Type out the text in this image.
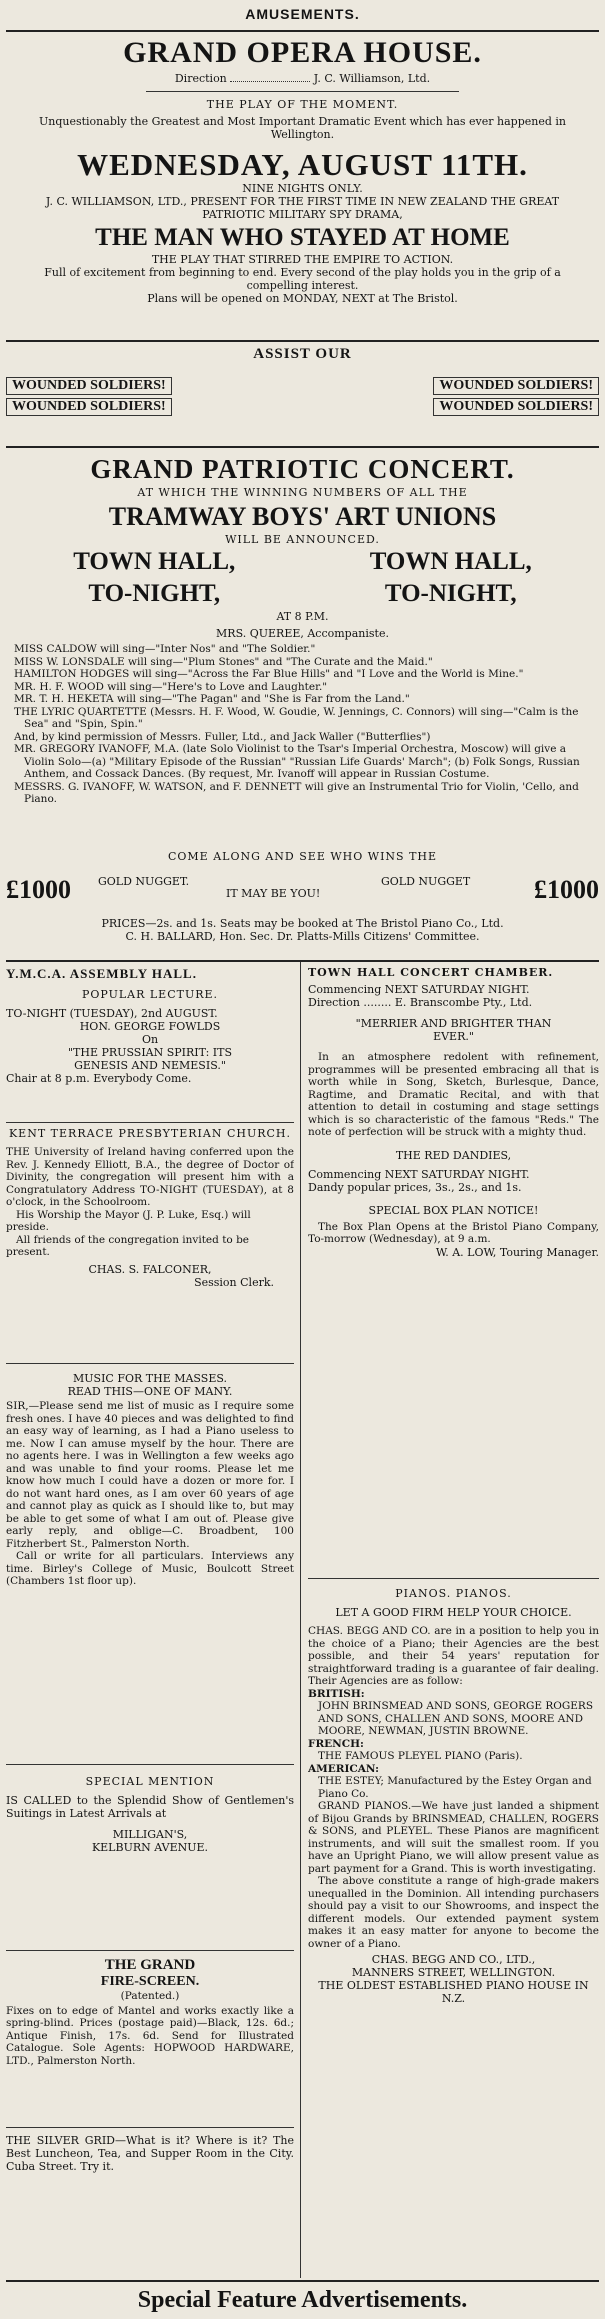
AMUSEMENTS.
GRAND OPERA HOUSE.
Direction	J. C. Williamson, Ltd.
THE PLAY OF THE MOMENT.
Unquestionably the Greatest and Most Important Dramatic Event which has ever happened in Wellington.
WEDNESDAY, AUGUST 11TH.
NINE NIGHTS ONLY.
J. C. WILLIAMSON, LTD., PRESENT FOR THE FIRST TIME IN NEW ZEALAND THE GREAT PATRIOTIC MILITARY SPY DRAMA,
THE MAN WHO STAYED AT HOME
THE PLAY THAT STIRRED THE EMPIRE TO ACTION.
Full of excitement from beginning to end. Every second of the play holds you in the grip of a compelling interest.
Plans will be opened on MONDAY, NEXT at The Bristol.
ASSIST OUR
WOUNDED SOLDIERS! WOUNDED SOLDIERS!
WOUNDED SOLDIERS! WOUNDED SOLDIERS!
GRAND PATRIOTIC CONCERT.
AT WHICH THE WINNING NUMBERS OF ALL THE
TRAMWAY BOYS' ART UNIONS
WILL BE ANNOUNCED.
TOWN HALL,	TOWN HALL,
TO-NIGHT,	TO-NIGHT,
AT 8 P.M.
MRS. QUEREE, Accompaniste.

MISS CALDOW will sing—"Inter Nos" and "The Soldier."

MISS W. LONSDALE will sing—"Plum Stones" and "The Curate and the Maid."

HAMILTON HODGES will sing—"Across the Far Blue Hills" and "I Love and the World is Mine."

MR. H. F. WOOD will sing—"Here's to Love and Laughter."

MR. T. H. HEKETA will sing—"The Pagan" and "She is Far from the Land."

THE LYRIC QUARTETTE (Messrs. H. F. Wood, W. Goudie, W. Jennings, C. Connors) will sing—"Calm is the Sea" and "Spin, Spin."

And, by kind permission of Messrs. Fuller, Ltd., and Jack Waller ("Butterflies")

MR. GREGORY IVANOFF, M.A. (late Solo Violinist to the Tsar's Imperial Orchestra, Moscow) will give a Violin Solo—(a) "Military Episode of the Russian" "Russian Life Guards' March"; (b) Folk Songs, Russian Anthem, and Cossack Dances. (By request, Mr. Ivanoff will appear in Russian Costume.

MESSRS. G. IVANOFF, W. WATSON, and F. DENNETT will give an Instrumental Trio for Violin, 'Cello, and Piano.

COME ALONG AND SEE WHO WINS THE
£1000 GOLD NUGGET.
IT MAY BE YOU!
GOLD NUGGET £1000
PRICES—2s. and 1s. Seats may be booked at The Bristol Piano Co., Ltd.
C. H. BALLARD, Hon. Sec. Dr. Platts-Mills Citizens' Committee.
Y.M.C.A. ASSEMBLY HALL.
POPULAR LECTURE.
TO-NIGHT (TUESDAY), 2nd AUGUST.
HON. GEORGE FOWLDS
On
"THE PRUSSIAN SPIRIT: ITS
GENESIS AND NEMESIS."
Chair at 8 p.m. Everybody Come.
KENT TERRACE PRESBYTERIAN CHURCH.
THE University of Ireland having conferred upon the Rev. J. Kennedy Elliott, B.A., the degree of Doctor of Divinity, the congregation will present him with a Congratulatory Address TO-NIGHT (TUESDAY), at 8 o'clock, in the Schoolroom.
His Worship the Mayor (J. P. Luke, Esq.) will preside.
All friends of the congregation invited to be present.
CHAS. S. FALCONER,
Session Clerk.
MUSIC FOR THE MASSES.
READ THIS—ONE OF MANY.
SIR,—Please send me list of music as I require some fresh ones. I have 40 pieces and was delighted to find an easy way of learning, as I had a Piano useless to me. Now I can amuse myself by the hour. There are no agents here. I was in Wellington a few weeks ago and was unable to find your rooms. Please let me know how much I could have a dozen or more for. I do not want hard ones, as I am over 60 years of age and cannot play as quick as I should like to, but may be able to get some of what I am out of. Please give early reply, and oblige—C. Broadbent, 100 Fitzherbert St., Palmerston North.
Call or write for all particulars. Interviews any time. Birley's College of Music, Boulcott Street (Chambers 1st floor up).
SPECIAL MENTION
IS CALLED to the Splendid Show of Gentlemen's Suitings in Latest Arrivals at
MILLIGAN'S,
KELBURN AVENUE.
THE GRAND
FIRE-SCREEN.
(Patented.)
Fixes on to edge of Mantel and works exactly like a spring-blind. Prices (postage paid)—Black, 12s. 6d.; Antique Finish, 17s. 6d. Send for Illustrated Catalogue. Sole Agents: HOPWOOD HARDWARE, LTD., Palmerston North.
THE SILVER GRID—What is it? Where is it? The Best Luncheon, Tea, and Supper Room in the City. Cuba Street. Try it.
TOWN HALL CONCERT CHAMBER.
Commencing NEXT SATURDAY NIGHT.
Direction ........ E. Branscombe Pty., Ltd.
"MERRIER AND BRIGHTER THAN EVER."
In an atmosphere redolent with refinement, programmes will be presented embracing all that is worth while in Song, Sketch, Burlesque, Dance, Ragtime, and Dramatic Recital, and with that attention to detail in costuming and stage settings which is so characteristic of the famous "Reds." The note of perfection will be struck with a mighty thud.
THE RED DANDIES,
Commencing NEXT SATURDAY NIGHT.
Dandy popular prices, 3s., 2s., and 1s.
SPECIAL BOX PLAN NOTICE!
The Box Plan Opens at the Bristol Piano Company, To-morrow (Wednesday), at 9 a.m.
W. A. LOW, Touring Manager.
PIANOS. PIANOS.
LET A GOOD FIRM HELP YOUR CHOICE.
CHAS. BEGG AND CO. are in a position to help you in the choice of a Piano; their Agencies are the best possible, and their 54 years' reputation for straightforward trading is a guarantee of fair dealing. Their Agencies are as follow:
BRITISH:
JOHN BRINSMEAD AND SONS, GEORGE ROGERS AND SONS, CHALLEN AND SONS, MOORE AND MOORE, NEWMAN, JUSTIN BROWNE.
FRENCH:
THE FAMOUS PLEYEL PIANO (Paris).
AMERICAN:
THE ESTEY; Manufactured by the Estey Organ and Piano Co.
GRAND PIANOS.—We have just landed a shipment of Bijou Grands by BRINSMEAD, CHALLEN, ROGERS & SONS, and PLEYEL. These Pianos are magnificent instruments, and will suit the smallest room. If you have an Upright Piano, we will allow present value as part payment for a Grand. This is worth investigating.
The above constitute a range of high-grade makers unequalled in the Dominion. All intending purchasers should pay a visit to our Showrooms, and inspect the different models. Our extended payment system makes it an easy matter for anyone to become the owner of a Piano.
CHAS. BEGG AND CO., LTD.,
MANNERS STREET, WELLINGTON.
THE OLDEST ESTABLISHED PIANO HOUSE IN N.Z.
Special Feature Advertisements.
